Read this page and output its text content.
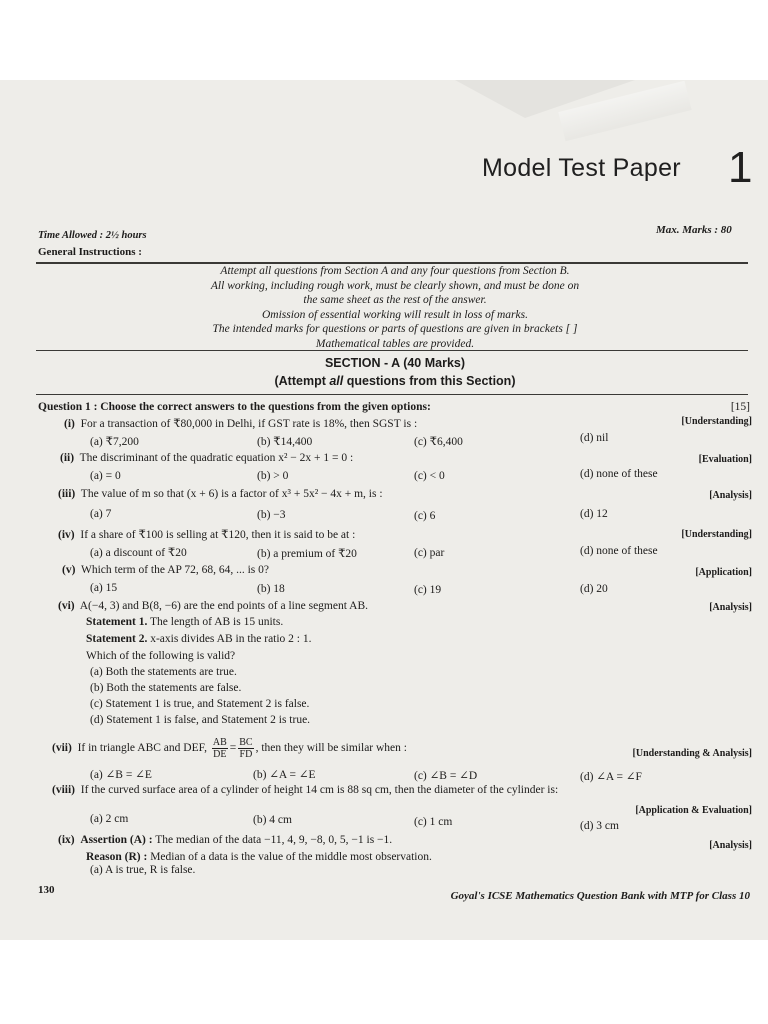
Model Test Paper 1
Time Allowed : 2½ hours	Max. Marks : 80
General Instructions :
Attempt all questions from Section A and any four questions from Section B.
All working, including rough work, must be clearly shown, and must be done on
the same sheet as the rest of the answer.
Omission of essential working will result in loss of marks.
The intended marks for questions or parts of questions are given in brackets [ ]
Mathematical tables are provided.
SECTION - A (40 Marks)
(Attempt all questions from this Section)
Question 1 : Choose the correct answers to the questions from the given options:	[15]
(i) For a transaction of ₹80,000 in Delhi, if GST rate is 18%, then SGST is :	[Understanding]
(a) ₹7,200	(b) ₹14,400	(c) ₹6,400	(d) nil
(ii) The discriminant of the quadratic equation x² − 2x + 1 = 0 :	[Evaluation]
(a) = 0	(b) > 0	(c) < 0	(d) none of these
(iii) The value of m so that (x + 6) is a factor of x³ + 5x² − 4x + m, is :	[Analysis]
(a) 7	(b) −3	(c) 6	(d) 12
(iv) If a share of ₹100 is selling at ₹120, then it is said to be at :	[Understanding]
(a) a discount of ₹20	(b) a premium of ₹20	(c) par	(d) none of these
(v) Which term of the AP 72, 68, 64, ... is 0?	[Application]
(a) 15	(b) 18	(c) 19	(d) 20
(vi) A(−4, 3) and B(8, −6) are the end points of a line segment AB.	[Analysis]
Statement 1. The length of AB is 15 units.
Statement 2. x-axis divides AB in the ratio 2 : 1.
Which of the following is valid?
(a) Both the statements are true.
(b) Both the statements are false.
(c) Statement 1 is true, and Statement 2 is false.
(d) Statement 1 is false, and Statement 2 is true.
(vii) If in triangle ABC and DEF, $\frac{AB}{DE} = \frac{BC}{FD}$ , then they will be similar when :	[Understanding & Analysis]
(a) ∠B = ∠E	(b) ∠A = ∠E	(c) ∠B = ∠D	(d) ∠A = ∠F
(viii) If the curved surface area of a cylinder of height 14 cm is 88 sq cm, then the diameter of the cylinder is:
[Application & Evaluation]
(a) 2 cm	(b) 4 cm	(c) 1 cm	(d) 3 cm
(ix) Assertion (A) : The median of the data −11, 4, 9, −8, 0, 5, −1 is −1.	[Analysis]
Reason (R) : Median of a data is the value of the middle most observation.
(a) A is true, R is false.
130	Goyal's ICSE Mathematics Question Bank with MTP for Class 10
